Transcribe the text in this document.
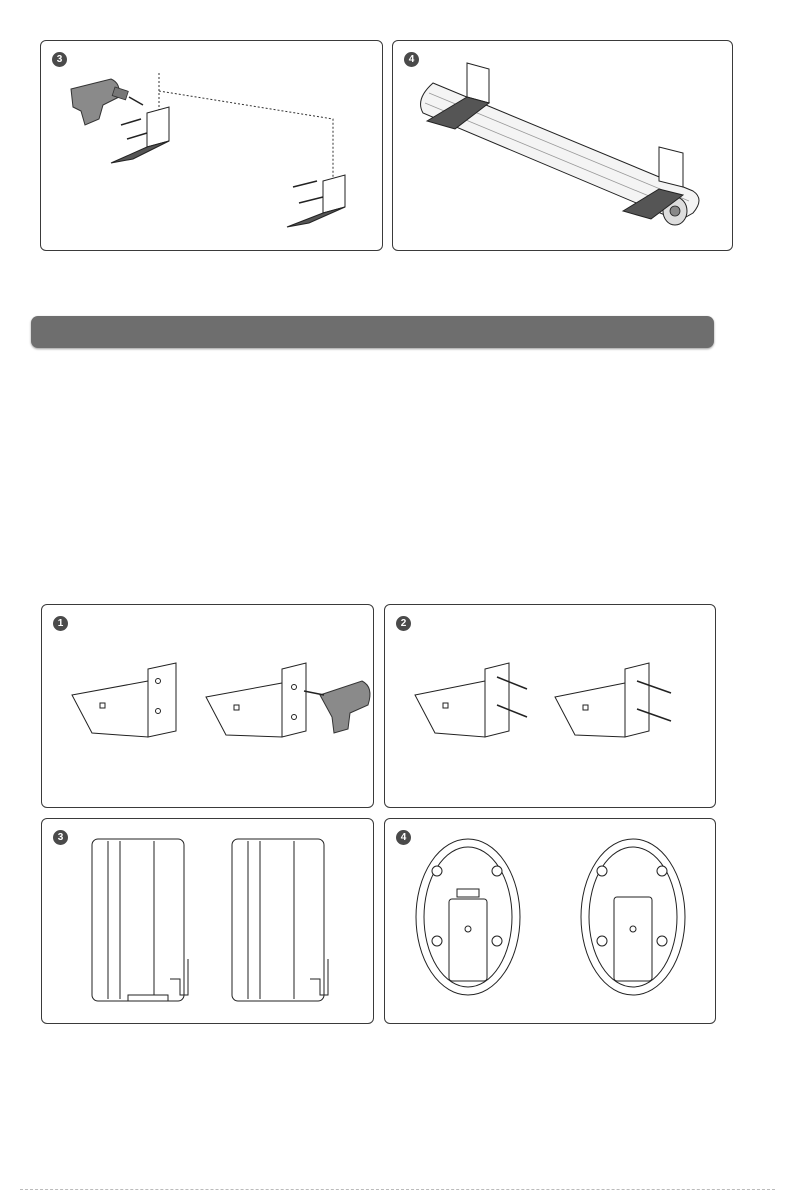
3	4
1	2
3	4
